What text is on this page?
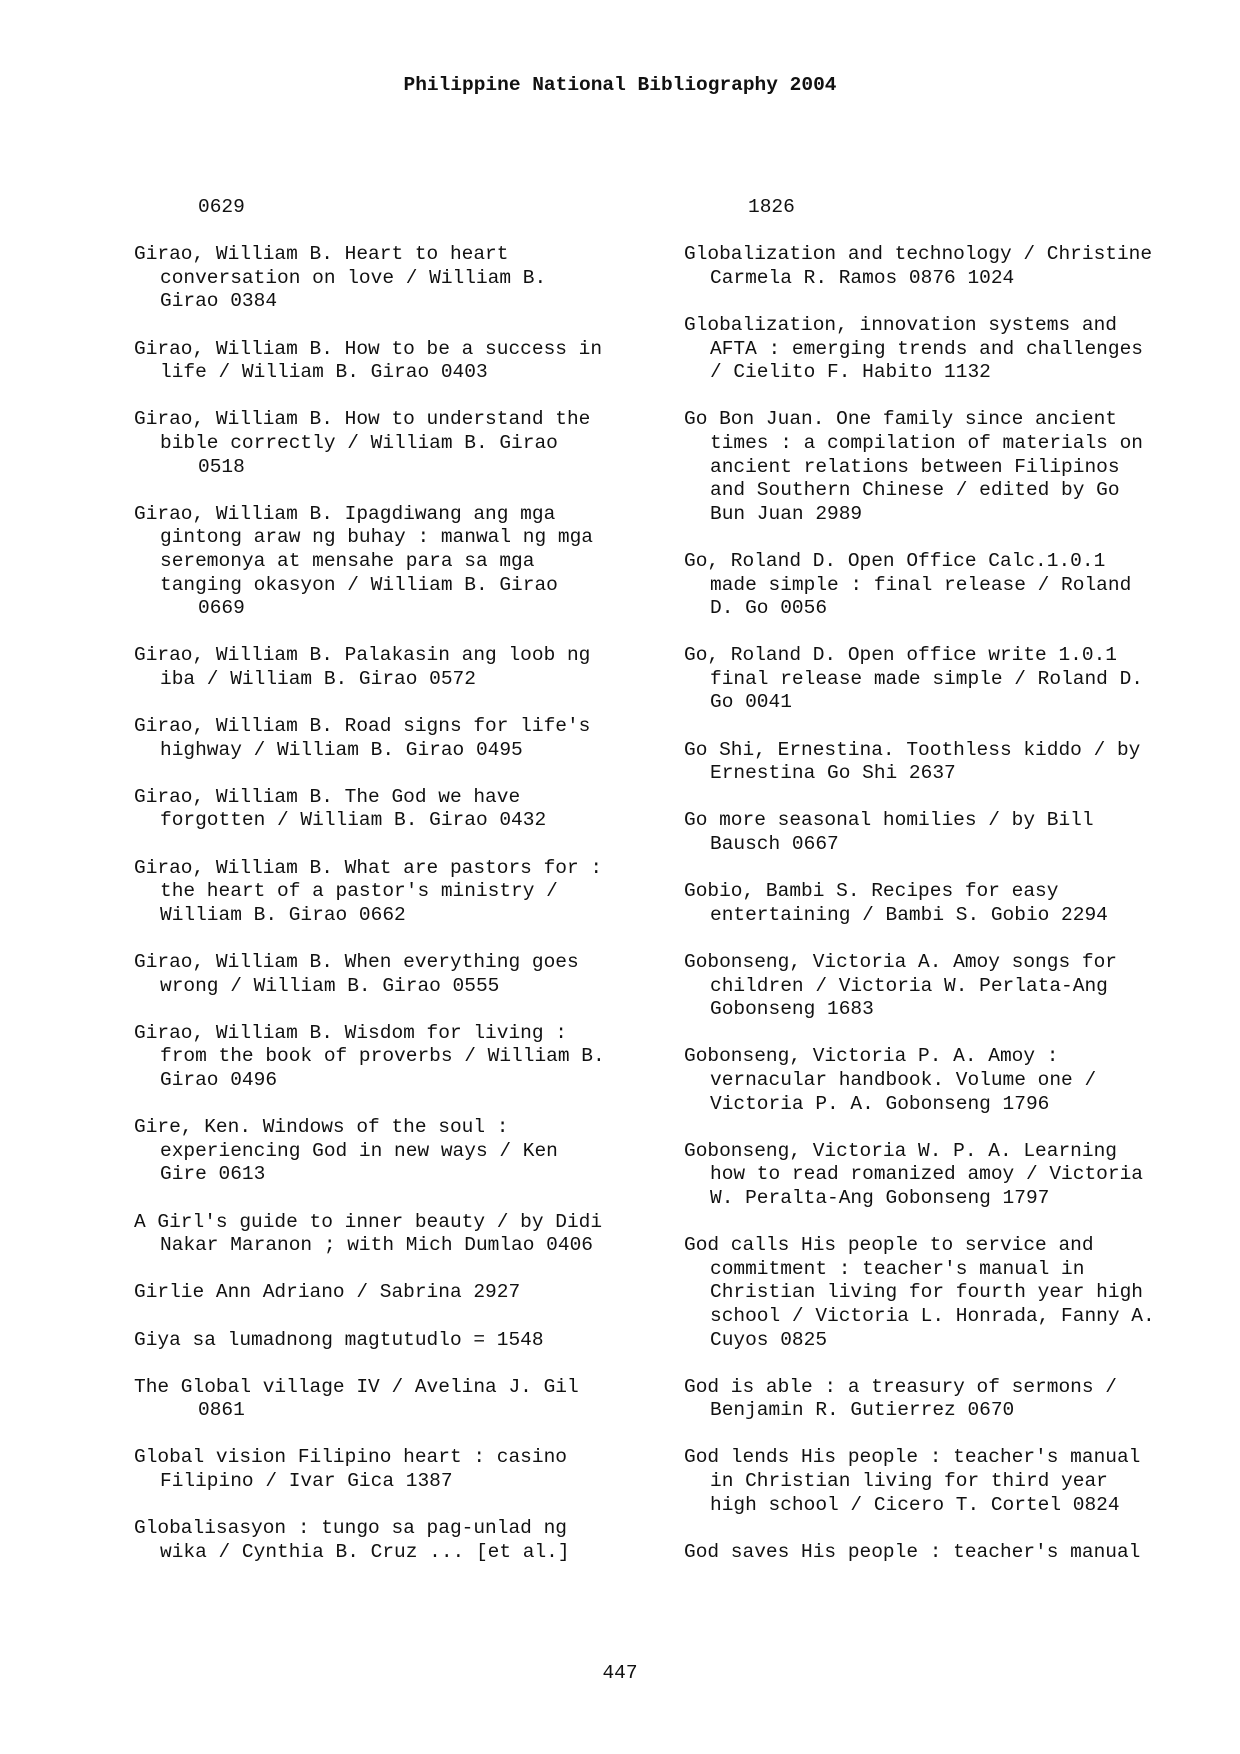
Philippine National Bibliography 2004
0629
Girao, William B. Heart to heart
conversation on love / William B.
Girao 0384
Girao, William B. How to be a success in
life / William B. Girao 0403
Girao, William B. How to understand the
bible correctly / William B. Girao
0518
Girao, William B. Ipagdiwang ang mga
gintong araw ng buhay : manwal ng mga
seremonya at mensahe para sa mga
tanging okasyon / William B. Girao
0669
Girao, William B. Palakasin ang loob ng
iba / William B. Girao 0572
Girao, William B. Road signs for life's
highway / William B. Girao 0495
Girao, William B. The God we have
forgotten / William B. Girao 0432
Girao, William B. What are pastors for :
the heart of a pastor's ministry /
William B. Girao 0662
Girao, William B. When everything goes
wrong / William B. Girao 0555
Girao, William B. Wisdom for living :
from the book of proverbs / William B.
Girao 0496
Gire, Ken. Windows of the soul :
experiencing God in new ways / Ken
Gire 0613
A Girl's guide to inner beauty / by Didi
Nakar Maranon ; with Mich Dumlao 0406
Girlie Ann Adriano / Sabrina 2927
Giya sa lumadnong magtutudlo = 1548
The Global village IV / Avelina J. Gil
0861
Global vision Filipino heart : casino
Filipino / Ivar Gica 1387
Globalisasyon : tungo sa pag-unlad ng
wika / Cynthia B. Cruz ... [et al.]
1826
Globalization and technology / Christine
Carmela R. Ramos 0876 1024
Globalization, innovation systems and
AFTA : emerging trends and challenges
/ Cielito F. Habito 1132
Go Bon Juan. One family since ancient
times : a compilation of materials on
ancient relations between Filipinos
and Southern Chinese / edited by Go
Bun Juan 2989
Go, Roland D. Open Office Calc.1.0.1
made simple : final release / Roland
D. Go 0056
Go, Roland D. Open office write 1.0.1
final release made simple / Roland D.
Go 0041
Go Shi, Ernestina. Toothless kiddo / by
Ernestina Go Shi 2637
Go more seasonal homilies / by Bill
Bausch 0667
Gobio, Bambi S. Recipes for easy
entertaining / Bambi S. Gobio 2294
Gobonseng, Victoria A. Amoy songs for
children / Victoria W. Perlata-Ang
Gobonseng 1683
Gobonseng, Victoria P. A. Amoy :
vernacular handbook. Volume one /
Victoria P. A. Gobonseng 1796
Gobonseng, Victoria W. P. A. Learning
how to read romanized amoy / Victoria
W. Peralta-Ang Gobonseng 1797
God calls His people to service and
commitment : teacher's manual in
Christian living for fourth year high
school / Victoria L. Honrada, Fanny A.
Cuyos 0825
God is able : a treasury of sermons /
Benjamin R. Gutierrez 0670
God lends His people : teacher's manual
in Christian living for third year
high school / Cicero T. Cortel 0824
God saves His people : teacher's manual
447
